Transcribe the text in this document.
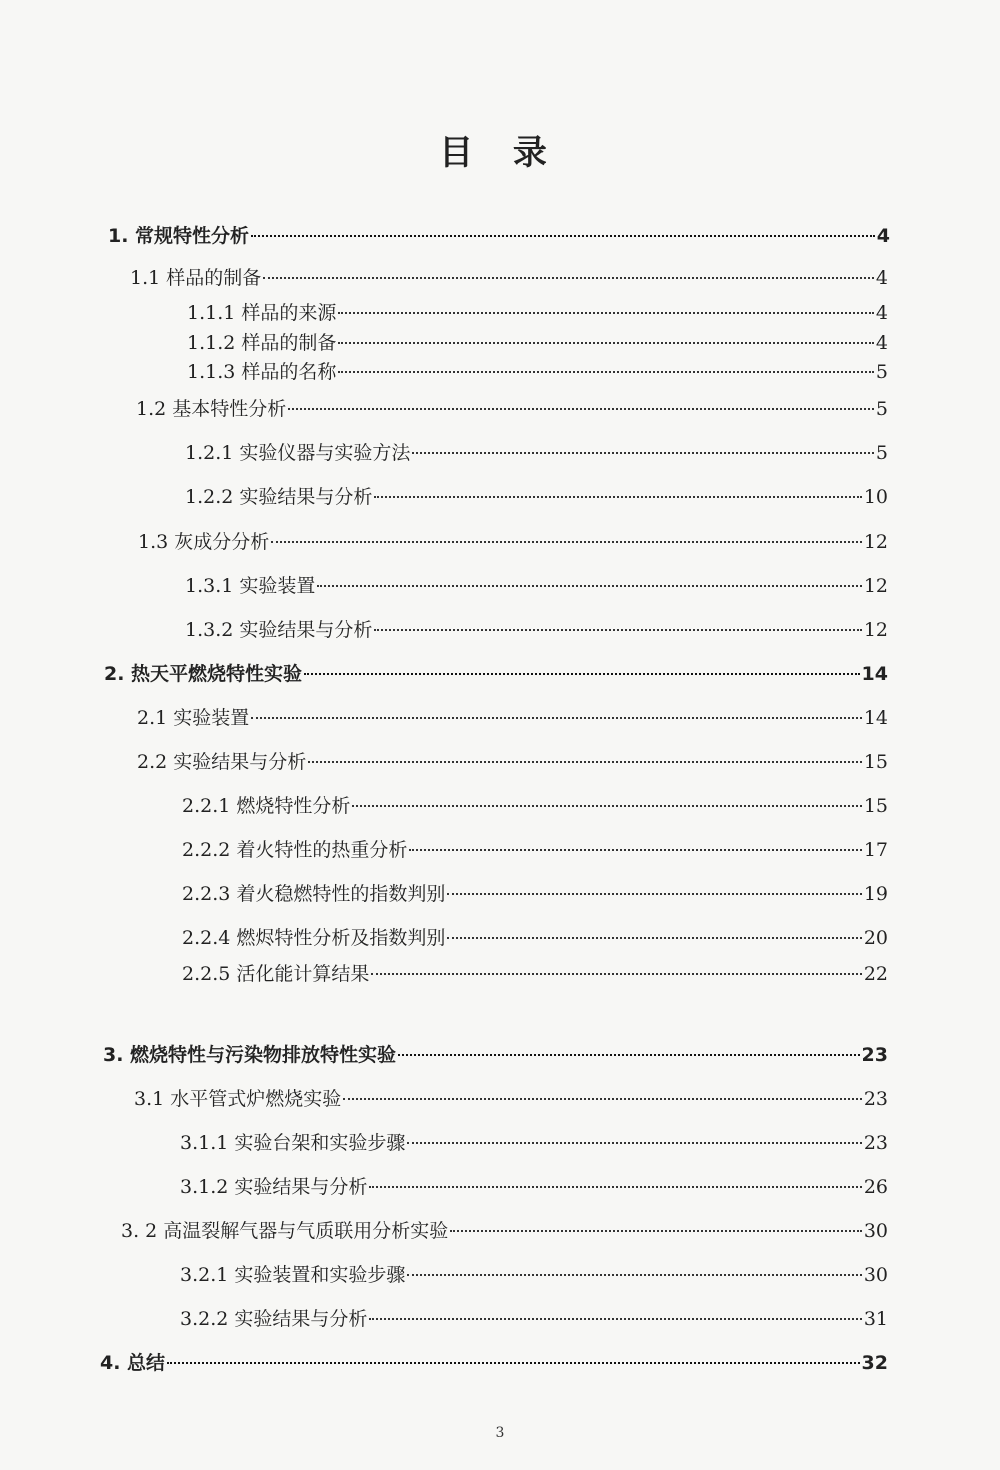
目 录
1. 常规特性分析	4
1.1 样品的制备	4
1.1.1 样品的来源	4
1.1.2 样品的制备	4
1.1.3 样品的名称	5
1.2 基本特性分析	5
1.2.1 实验仪器与实验方法	5
1.2.2 实验结果与分析	10
1.3 灰成分分析	12
1.3.1 实验装置	12
1.3.2 实验结果与分析	12
2. 热天平燃烧特性实验	14
2.1 实验装置	14
2.2 实验结果与分析	15
2.2.1 燃烧特性分析	15
2.2.2 着火特性的热重分析	17
2.2.3 着火稳燃特性的指数判别	19
2.2.4 燃烬特性分析及指数判别	20
2.2.5 活化能计算结果	22
3. 燃烧特性与污染物排放特性实验	23
3.1 水平管式炉燃烧实验	23
3.1.1 实验台架和实验步骤	23
3.1.2 实验结果与分析	26
3. 2 高温裂解气器与气质联用分析实验	30
3.2.1 实验装置和实验步骤	30
3.2.2 实验结果与分析	31
4. 总结	32
3
